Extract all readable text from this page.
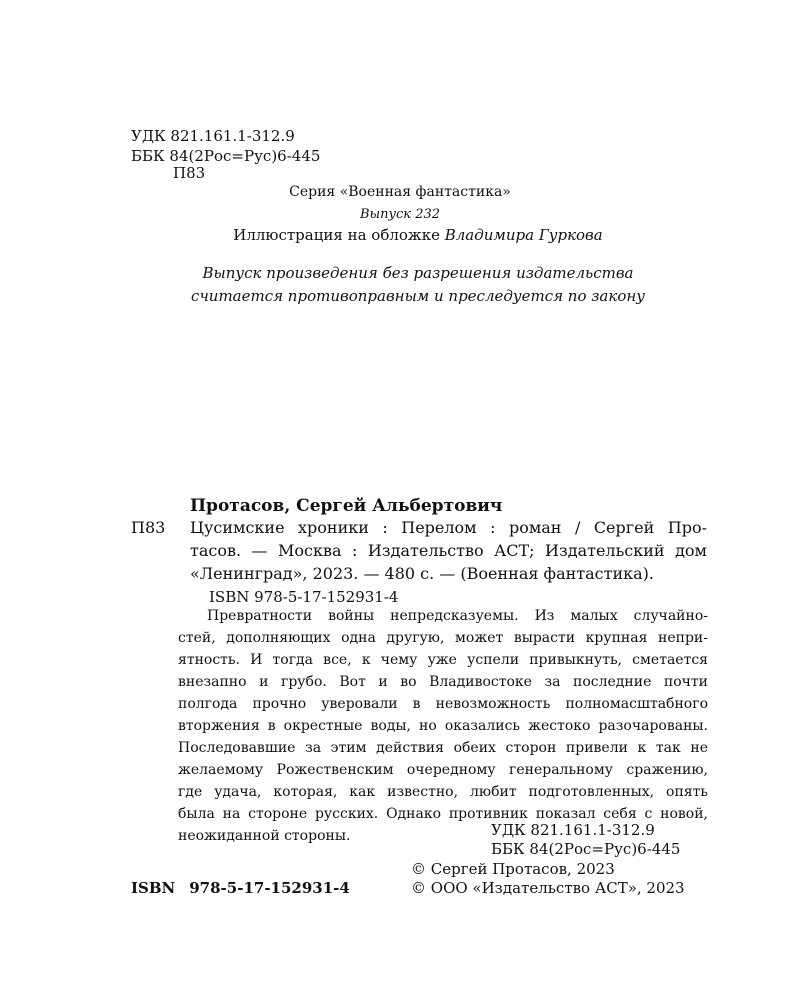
УДК 821.161.1-312.9
ББК 84(2Рос=Рус)6-445
П83
Серия «Военная фантастика»
Выпуск 232
Иллюстрация на обложке Владимира Гуркова
Выпуск произведения без разрешения издательства
считается противоправным и преследуется по закону
Протасов, Сергей Альбертович
П83 Цусимские хроники : Перелом : роман / Сергей Про-
тасов. — Москва : Издательство АСТ; Издательский дом
«Ленинград», 2023. — 480 с. — (Военная фантастика).
ISBN 978-5-17-152931-4
Превратности войны непредсказуемы. Из малых случайно-
стей, дополняющих одна другую, может вырасти крупная непри-
ятность. И тогда все, к чему уже успели привыкнуть, сметается
внезапно и грубо. Вот и во Владивостоке за последние почти
полгода прочно уверовали в невозможность полномасштабного
вторжения в окрестные воды, но оказались жестоко разочарованы.
Последовавшие за этим действия обеих сторон привели к так не
желаемому Рожественским очередному генеральному сражению,
где удача, которая, как известно, любит подготовленных, опять
была на стороне русских. Однако противник показал себя с новой,
неожиданной стороны.	УДК 821.161.1-312.9
ББК 84(2Рос=Рус)6-445
© Сергей Протасов, 2023
© ООО «Издательство АСТ», 2023
ISBN 978-5-17-152931-4
